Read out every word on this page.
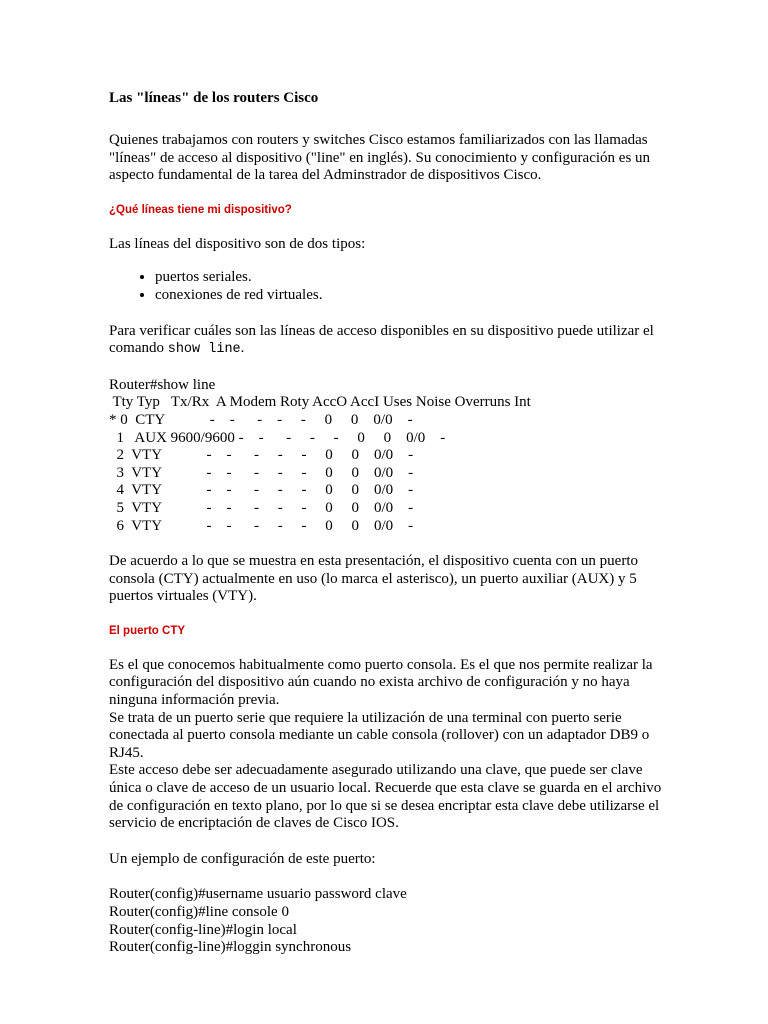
Las "líneas" de los routers Cisco

Quienes trabajamos con routers y switches Cisco estamos familiarizados con las llamadas "líneas" de acceso al dispositivo ("line" en inglés). Su conocimiento y configuración es un aspecto fundamental de la tarea del Adminstrador de dispositivos Cisco.

¿Qué líneas tiene mi dispositivo?

Las líneas del dispositivo son de dos tipos:

• puertos seriales.
• conexiones de red virtuales.

Para verificar cuáles son las líneas de acceso disponibles en su dispositivo puede utilizar el comando show line.

Router#show line
Tty Typ   Tx/Rx  A Modem Roty AccO AccI Uses Noise Overruns Int
* 0  CTY            -    -      -    -     -     0     0    0/0    -
1   AUX 9600/9600 -    -      -     -     -     0     0    0/0    -
2  VTY            -    -      -     -     -     0     0    0/0    -
3  VTY            -    -      -     -     -     0     0    0/0    -
4  VTY            -    -      -     -     -     0     0    0/0    -
5  VTY            -    -      -     -     -     0     0    0/0    -
6  VTY            -    -      -     -     -     0     0    0/0    -

De acuerdo a lo que se muestra en esta presentación, el dispositivo cuenta con un puerto consola (CTY) actualmente en uso (lo marca el asterisco), un puerto auxiliar (AUX) y 5 puertos virtuales (VTY).

El puerto CTY

Es el que conocemos habitualmente como puerto consola. Es el que nos permite realizar la configuración del dispositivo aún cuando no exista archivo de configuración y no haya ninguna información previa.

Se trata de un puerto serie que requiere la utilización de una terminal con puerto serie conectada al puerto consola mediante un cable consola (rollover) con un adaptador DB9 o RJ45.

Este acceso debe ser adecuadamente asegurado utilizando una clave, que puede ser clave única o clave de acceso de un usuario local. Recuerde que esta clave se guarda en el archivo de configuración en texto plano, por lo que si se desea encriptar esta clave debe utilizarse el servicio de encriptación de claves de Cisco IOS.

Un ejemplo de configuración de este puerto:

Router(config)#username usuario password clave
Router(config)#line console 0
Router(config-line)#login local
Router(config-line)#loggin synchronous
